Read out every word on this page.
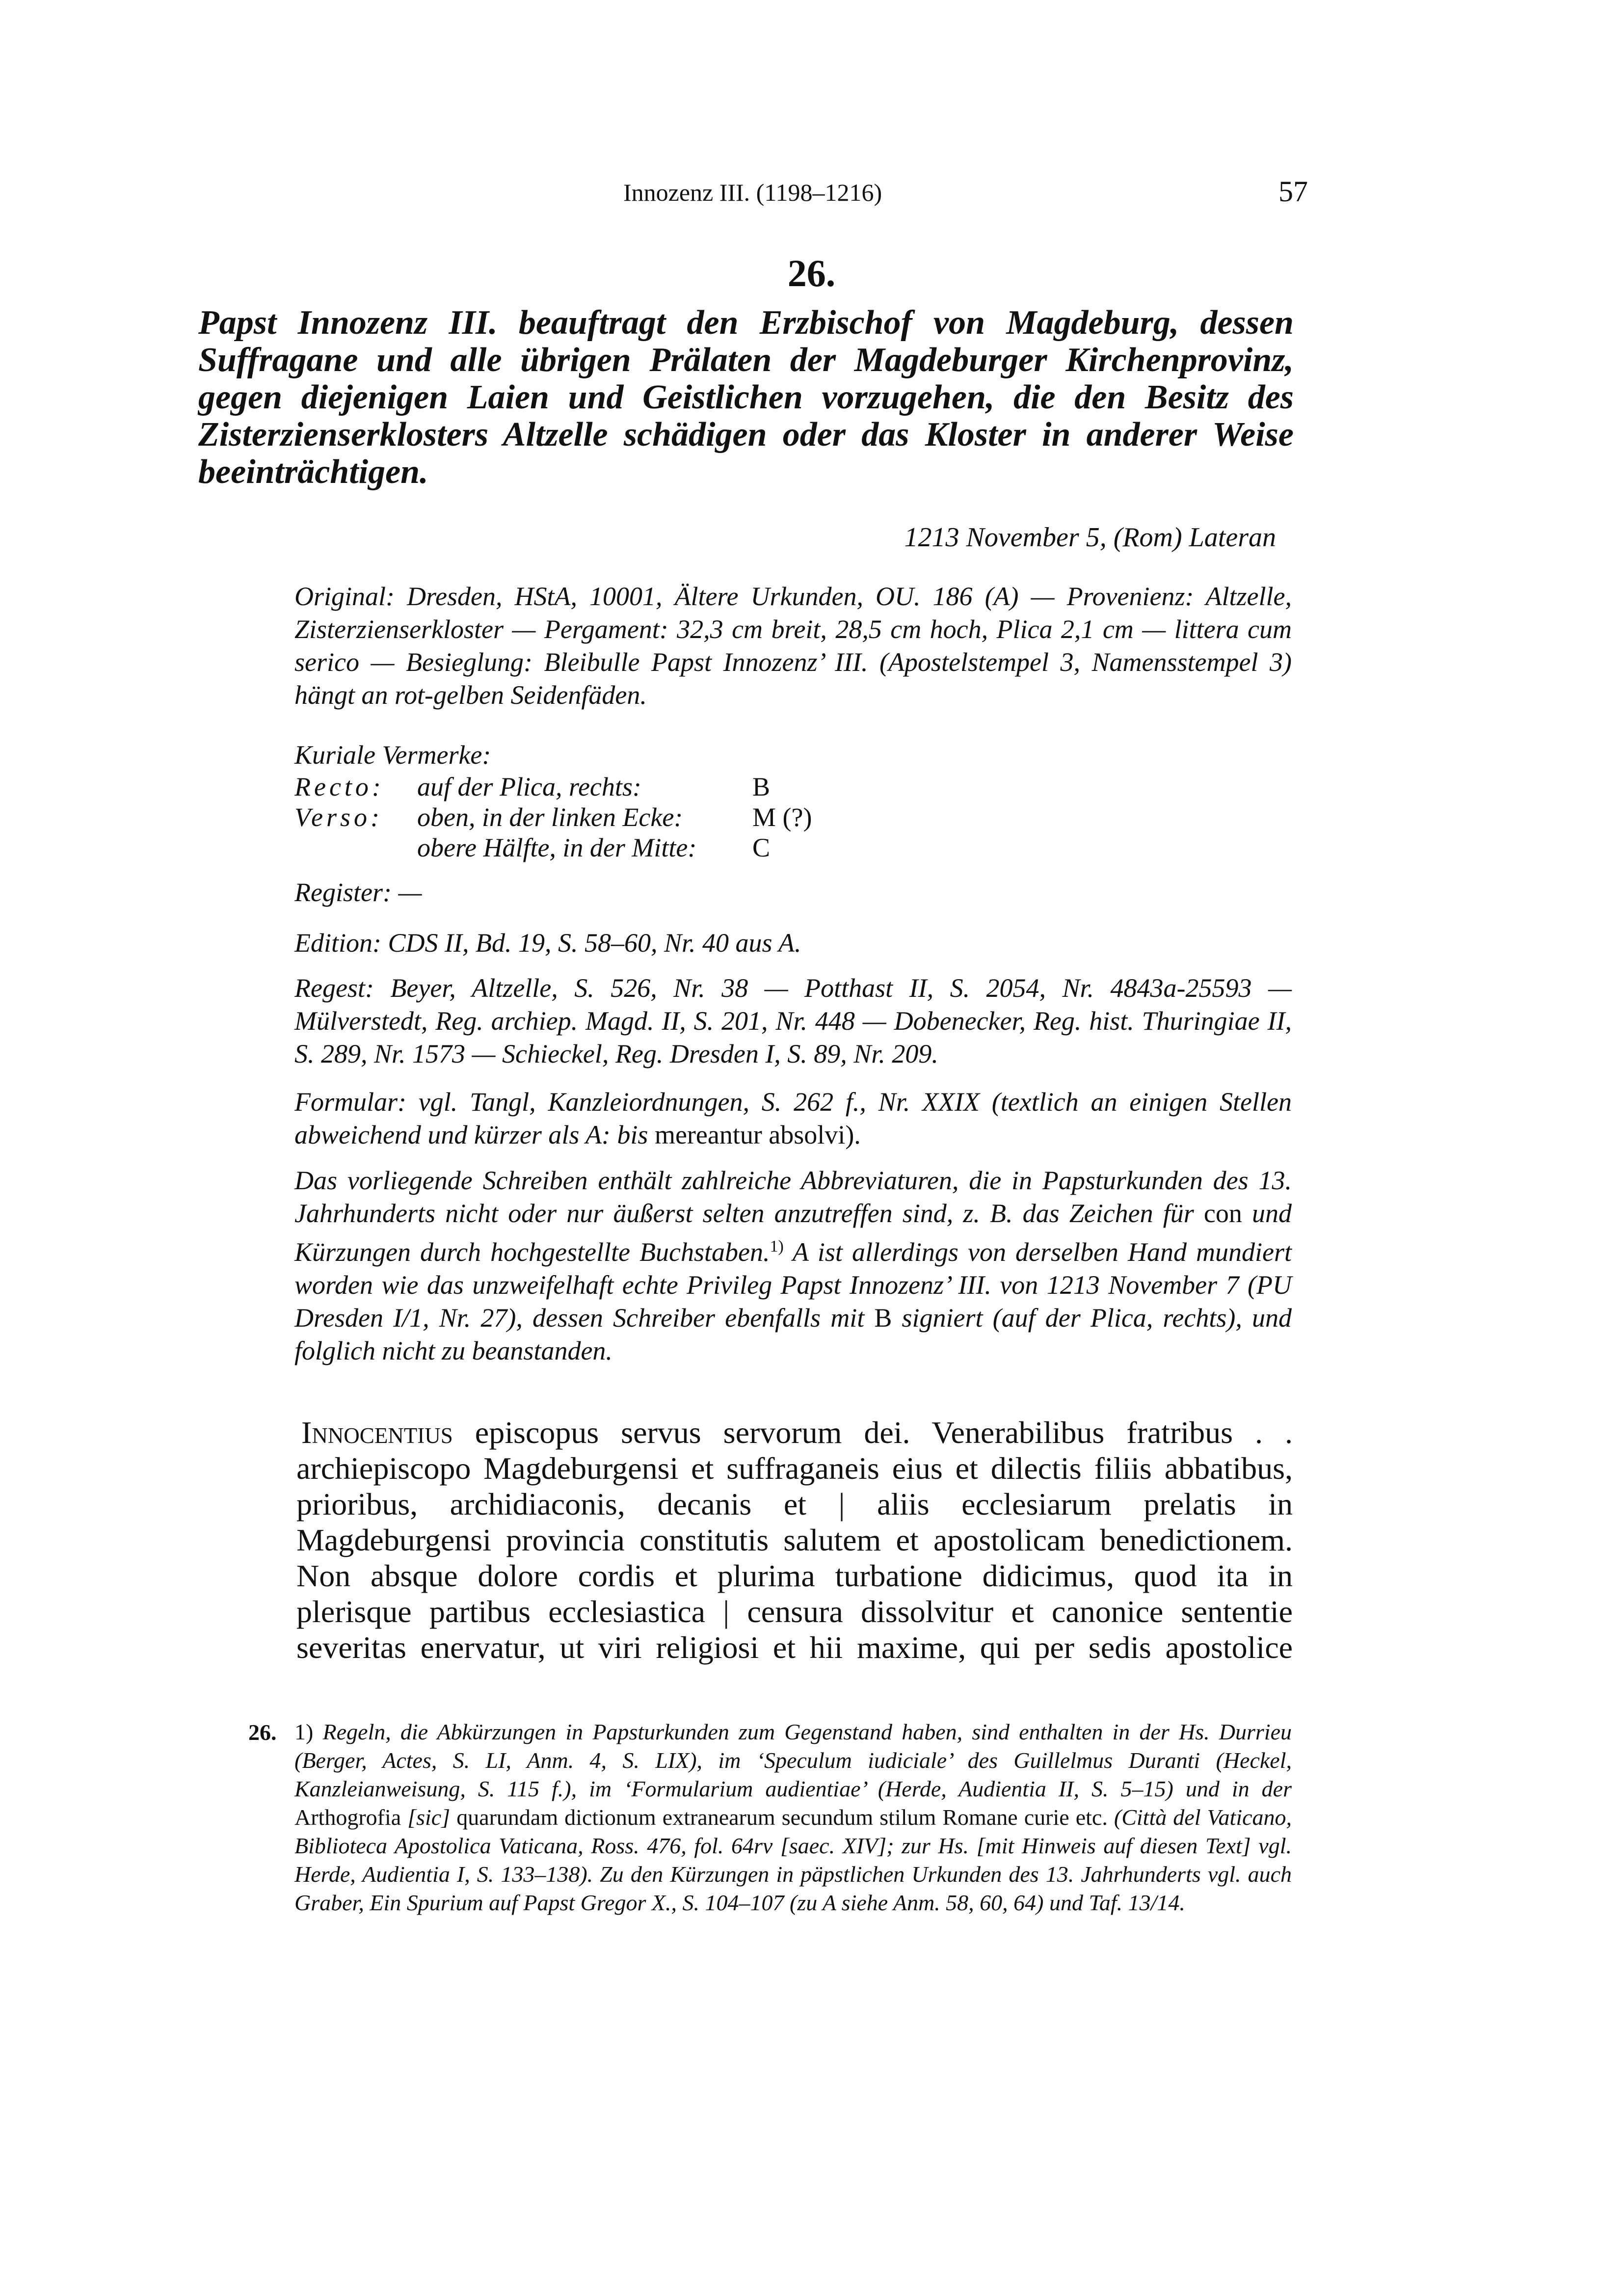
Innozenz III. (1198–1216)	57
26.
Papst Innozenz III. beauftragt den Erzbischof von Magdeburg, dessen Suffragane und alle übrigen Prälaten der Magdeburger Kirchenprovinz, gegen diejenigen Laien und Geistlichen vorzugehen, die den Besitz des Zisterzienserklosters Altzelle schädigen oder das Kloster in anderer Weise beeinträchtigen.
1213 November 5, (Rom) Lateran

Original: Dresden, HStA, 10001, Ältere Urkunden, OU. 186 (A) — Provenienz: Altzelle, Zisterzienserkloster — Pergament: 32,3 cm breit, 28,5 cm hoch, Plica 2,1 cm — littera cum serico — Besieglung: Bleibulle Papst Innozenz’ III. (Apostelstempel 3, Namensstempel 3) hängt an rot-gelben Seidenfäden.

Kuriale Vermerke:

Recto: auf der Plica, rechts:	B
Verso: oben, in der linken Ecke:	M (?)
obere Hälfte, in der Mitte: C

Register: —

Edition: CDS II, Bd. 19, S. 58–60, Nr. 40 aus A.

Regest: Beyer, Altzelle, S. 526, Nr. 38 — Potthast II, S. 2054, Nr. 4843a-25593 — Mülverstedt, Reg. archiep. Magd. II, S. 201, Nr. 448 — Dobenecker, Reg. hist. Thuringiae II, S. 289, Nr. 1573 — Schieckel, Reg. Dresden I, S. 89, Nr. 209.

Formular: vgl. Tangl, Kanzleiordnungen, S. 262 f., Nr. XXIX (textlich an einigen Stellen abweichend und kürzer als A: bis mereantur absolvi).

Das vorliegende Schreiben enthält zahlreiche Abbreviaturen, die in Papsturkunden des 13. Jahrhunderts nicht oder nur äußerst selten anzutreffen sind, z. B. das Zeichen für con und Kürzungen durch hochgestellte Buchstaben.$^{1)}$ A ist allerdings von derselben Hand mundiert worden wie das unzweifelhaft echte Privileg Papst Innozenz’ III. von 1213 November 7 (PU Dresden I/1, Nr. 27), dessen Schreiber ebenfalls mit B signiert (auf der Plica, rechts), und folglich nicht zu beanstanden.

Innocentius episcopus servus servorum dei. Venerabilibus fratribus . . archiepiscopo Magdeburgensi et suffraganeis eius et dilectis filiis abbatibus, prioribus, archidiaconis, decanis et | aliis ecclesiarum prelatis in Magdeburgensi provincia constitutis salutem et apostolicam benedictionem. Non absque dolore cordis et plurima turbatione didicimus, quod ita in plerisque partibus ecclesiastica | censura dissolvitur et canonice sententie severitas enervatur, ut viri religiosi et hii maxime, qui per sedis apostolice
26. 1) Regeln, die Abkürzungen in Papsturkunden zum Gegenstand haben, sind enthalten in der Hs. Durrieu (Berger, Actes, S. LI, Anm. 4, S. LIX), im ‘Speculum iudiciale’ des Guillelmus Duranti (Heckel, Kanzleianweisung, S. 115 f.), im ‘Formularium audientiae’ (Herde, Audientia II, S. 5–15) und in der Arthogrofia [sic] quarundam dictionum extranearum secundum stilum Romane curie etc. (Città del Vaticano, Biblioteca Apostolica Vaticana, Ross. 476, fol. 64rv [saec. XIV]; zur Hs. [mit Hinweis auf diesen Text] vgl. Herde, Audientia I, S. 133–138). Zu den Kürzungen in päpstlichen Urkunden des 13. Jahrhunderts vgl. auch Graber, Ein Spurium auf Papst Gregor X., S. 104–107 (zu A siehe Anm. 58, 60, 64) und Taf. 13/14.
